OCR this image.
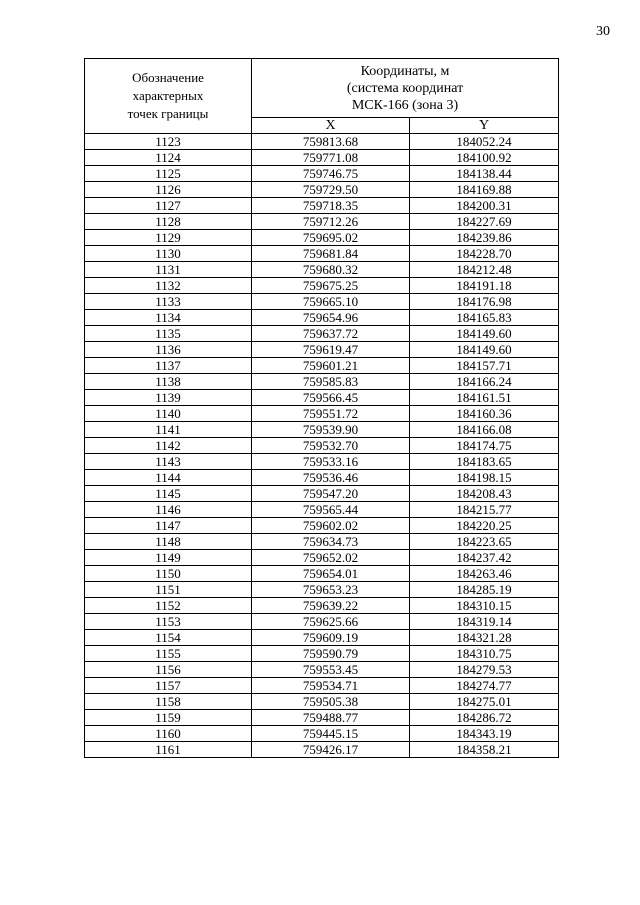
30
Обозначение
характерных
точек границы	Координаты, м
(система координат
МСК-166 (зона 3)	

	X	Y
1123	759813.68	184052.24
1124	759771.08	184100.92
1125	759746.75	184138.44
1126	759729.50	184169.88
1127	759718.35	184200.31
1128	759712.26	184227.69
1129	759695.02	184239.86
1130	759681.84	184228.70
1131	759680.32	184212.48
1132	759675.25	184191.18
1133	759665.10	184176.98
1134	759654.96	184165.83
1135	759637.72	184149.60
1136	759619.47	184149.60
1137	759601.21	184157.71
1138	759585.83	184166.24
1139	759566.45	184161.51
1140	759551.72	184160.36
1141	759539.90	184166.08
1142	759532.70	184174.75
1143	759533.16	184183.65
1144	759536.46	184198.15
1145	759547.20	184208.43
1146	759565.44	184215.77
1147	759602.02	184220.25
1148	759634.73	184223.65
1149	759652.02	184237.42
1150	759654.01	184263.46
1151	759653.23	184285.19
1152	759639.22	184310.15
1153	759625.66	184319.14
1154	759609.19	184321.28
1155	759590.79	184310.75
1156	759553.45	184279.53
1157	759534.71	184274.77
1158	759505.38	184275.01
1159	759488.77	184286.72
1160	759445.15	184343.19
1161	759426.17	184358.21
